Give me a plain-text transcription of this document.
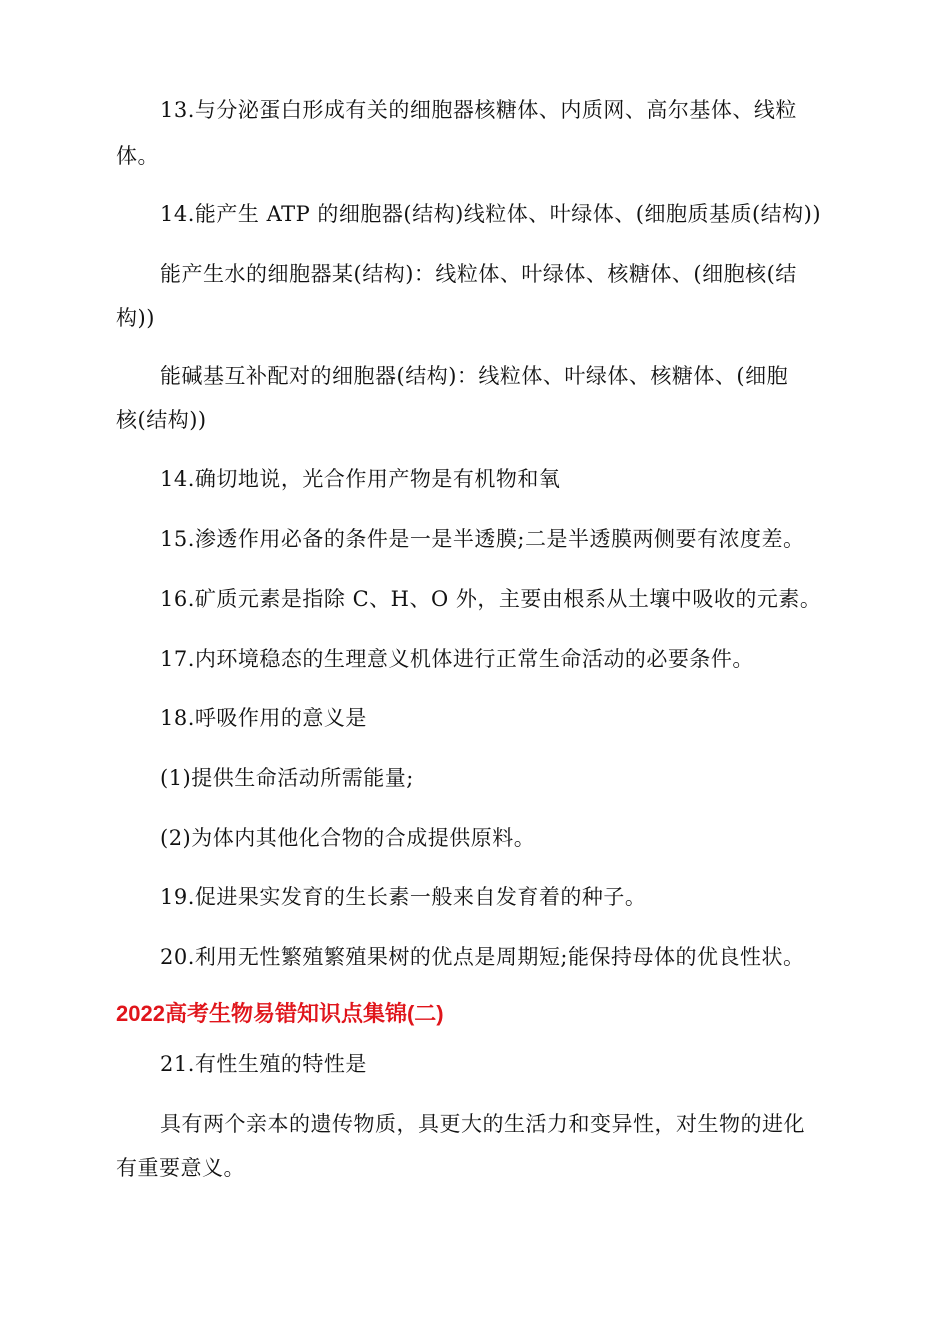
13.与分泌蛋白形成有关的细胞器核糖体、内质网、高尔基体、线粒
体。
14.能产生 ATP 的细胞器(结构)线粒体、叶绿体、(细胞质基质(结构))
能产生水的细胞器某(结构)：线粒体、叶绿体、核糖体、(细胞核(结
构))
能碱基互补配对的细胞器(结构)：线粒体、叶绿体、核糖体、(细胞
核(结构))
14.确切地说，光合作用产物是有机物和氧
15.渗透作用必备的条件是一是半透膜;二是半透膜两侧要有浓度差。
16.矿质元素是指除 C、H、O 外，主要由根系从土壤中吸收的元素。
17.内环境稳态的生理意义机体进行正常生命活动的必要条件。
18.呼吸作用的意义是
(1)提供生命活动所需能量;
(2)为体内其他化合物的合成提供原料。
19.促进果实发育的生长素一般来自发育着的种子。
20.利用无性繁殖繁殖果树的优点是周期短;能保持母体的优良性状。
2022高考生物易错知识点集锦(二)
21.有性生殖的特性是
具有两个亲本的遗传物质，具更大的生活力和变异性，对生物的进化
有重要意义。
